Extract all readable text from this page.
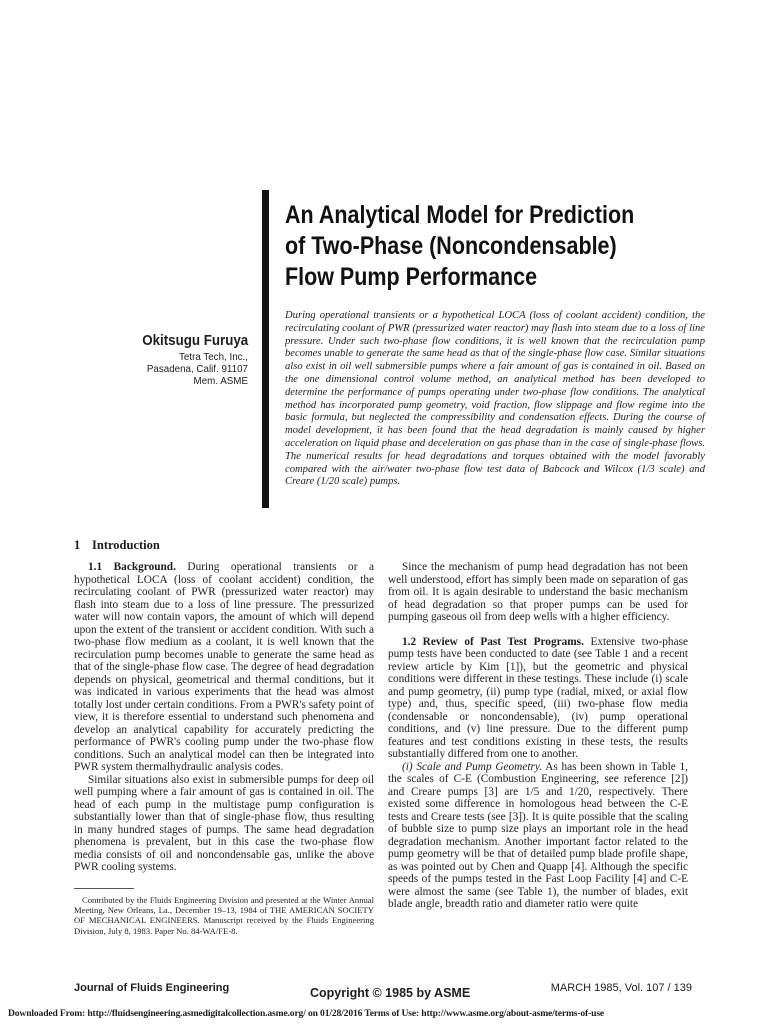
An Analytical Model for Prediction
of Two-Phase (Noncondensable)
Flow Pump Performance
Okitsugu Furuya
Tetra Tech, Inc.,
Pasadena, Calif. 91107
Mem. ASME
During operational transients or a hypothetical LOCA (loss of coolant accident) condition, the recirculating coolant of PWR (pressurized water reactor) may flash into steam due to a loss of line pressure. Under such two-phase flow conditions, it is well known that the recirculation pump becomes unable to generate the same head as that of the single-phase flow case. Similar situations also exist in oil well submersible pumps where a fair amount of gas is contained in oil. Based on the one dimensional control volume method, an analytical method has been developed to determine the performance of pumps operating under two-phase flow conditions. The analytical method has incorporated pump geometry, void fraction, flow slippage and flow regime into the basic formula, but neglected the compressibility and condensation effects. During the course of model development, it has been found that the head degradation is mainly caused by higher acceleration on liquid phase and deceleration on gas phase than in the case of single-phase flows. The numerical results for head degradations and torques obtained with the model favorably compared with the air/water two-phase flow test data of Babcock and Wilcox (1/3 scale) and Creare (1/20 scale) pumps.
1 Introduction

1.1 Background. During operational transients or a hypothetical LOCA (loss of coolant accident) condition, the recirculating coolant of PWR (pressurized water reactor) may flash into steam due to a loss of line pressure. The pressurized water will now contain vapors, the amount of which will depend upon the extent of the transient or accident condition. With such a two-phase flow medium as a coolant, it is well known that the recirculation pump becomes unable to generate the same head as that of the single-phase flow case. The degree of head degradation depends on physical, geometrical and thermal conditions, but it was indicated in various experiments that the head was almost totally lost under certain conditions. From a PWR's safety point of view, it is therefore essential to understand such phenomena and develop an analytical capability for accurately predicting the performance of PWR's cooling pump under the two-phase flow conditions. Such an analytical model can then be integrated into PWR system thermalhydraulic analysis codes.

Similar situations also exist in submersible pumps for deep oil well pumping where a fair amount of gas is contained in oil. The head of each pump in the multistage pump configuration is substantially lower than that of single-phase flow, thus resulting in many hundred stages of pumps. The same head degradation phenomena is prevalent, but in this case the two-phase flow media consists of oil and noncondensable gas, unlike the above PWR cooling systems.

Contributed by the Fluids Engineering Division and presented at the Winter Annual Meeting, New Orleans, La., December 19–13, 1984 of THE AMERICAN SOCIETY OF MECHANICAL ENGINEERS. Manuscript received by the Fluids Engineering Division, July 8, 1983. Paper No. 84-WA/FE-8.

Since the mechanism of pump head degradation has not been well understood, effort has simply been made on separation of gas from oil. It is again desirable to understand the basic mechanism of head degradation so that proper pumps can be used for pumping gaseous oil from deep wells with a higher efficiency.

1.2 Review of Past Test Programs. Extensive two-phase pump tests have been conducted to date (see Table 1 and a recent review article by Kim [1]), but the geometric and physical conditions were different in these testings. These include (i) scale and pump geometry, (ii) pump type (radial, mixed, or axial flow type) and, thus, specific speed, (iii) two-phase flow media (condensable or noncondensable), (iv) pump operational conditions, and (v) line pressure. Due to the different pump features and test conditions existing in these tests, the results substantially differed from one to another.

(i) Scale and Pump Geometry. As has been shown in Table 1, the scales of C-E (Combustion Engineering, see reference [2]) and Creare pumps [3] are 1/5 and 1/20, respectively. There existed some difference in homologous head between the C-E tests and Creare tests (see [3]). It is quite possible that the scaling of bubble size to pump size plays an important role in the head degradation mechanism. Another important factor related to the pump geometry will be that of detailed pump blade profile shape, as was pointed out by Chen and Quapp [4]. Although the specific speeds of the pumps tested in the Fast Loop Facility [4] and C-E were almost the same (see Table 1), the number of blades, exit blade angle, breadth ratio and diameter ratio were quite

Journal of Fluids Engineering	Copyright © 1985 by ASME	MARCH 1985, Vol. 107 / 139
Downloaded From: http://fluidsengineering.asmedigitalcollection.asme.org/ on 01/28/2016 Terms of Use: http://www.asme.org/about-asme/terms-of-use
